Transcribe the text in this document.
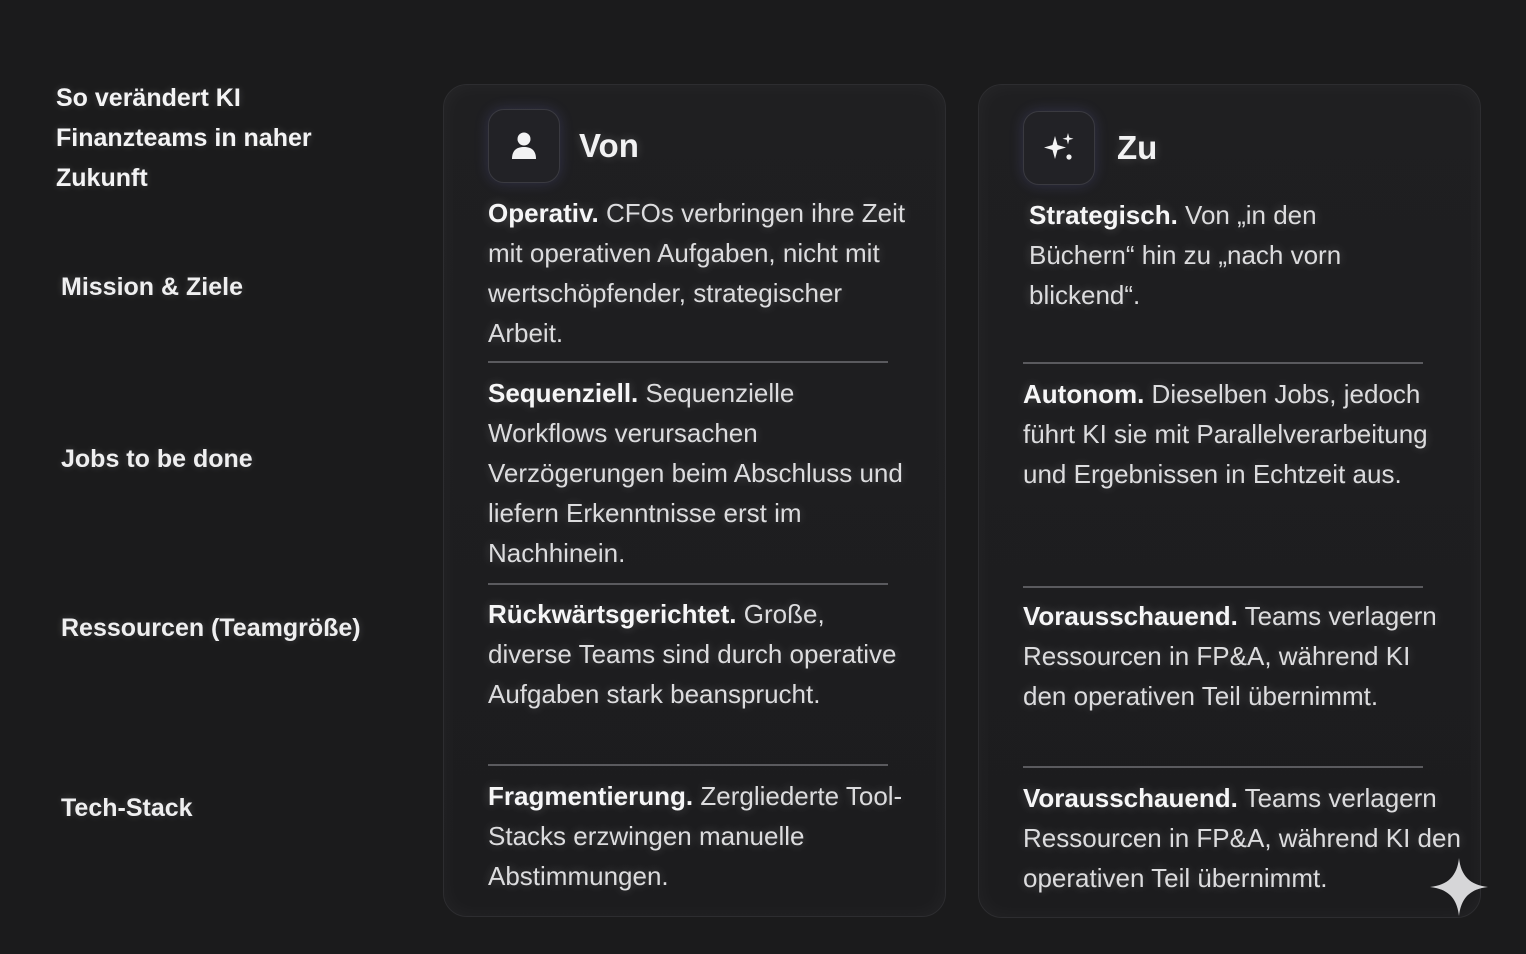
So verändert KI Finanzteams in naher Zukunft
Mission & Ziele
Jobs to be done
Ressourcen (Teamgröße)
Tech-Stack
Von
Operativ. CFOs verbringen ihre Zeit mit operativen Aufgaben, nicht mit wertschöpfender, strategischer Arbeit.
Sequenziell. Sequenzielle Workflows verursachen Verzögerungen beim Abschluss und liefern Erkenntnisse erst im Nachhinein.
Rückwärtsgerichtet. Große, diverse Teams sind durch operative Aufgaben stark beansprucht.
Fragmentierung. Zergliederte Tool-Stacks erzwingen manuelle Abstimmungen.
Zu
Strategisch. Von „in den Büchern“ hin zu „nach vorn blickend“.
Autonom. Dieselben Jobs, jedoch führt KI sie mit Parallelverarbeitung und Ergebnissen in Echtzeit aus.
Vorausschauend. Teams verlagern Ressourcen in FP&A, während KI den operativen Teil übernimmt.
Vorausschauend. Teams verlagern Ressourcen in FP&A, während KI den operativen Teil übernimmt.
